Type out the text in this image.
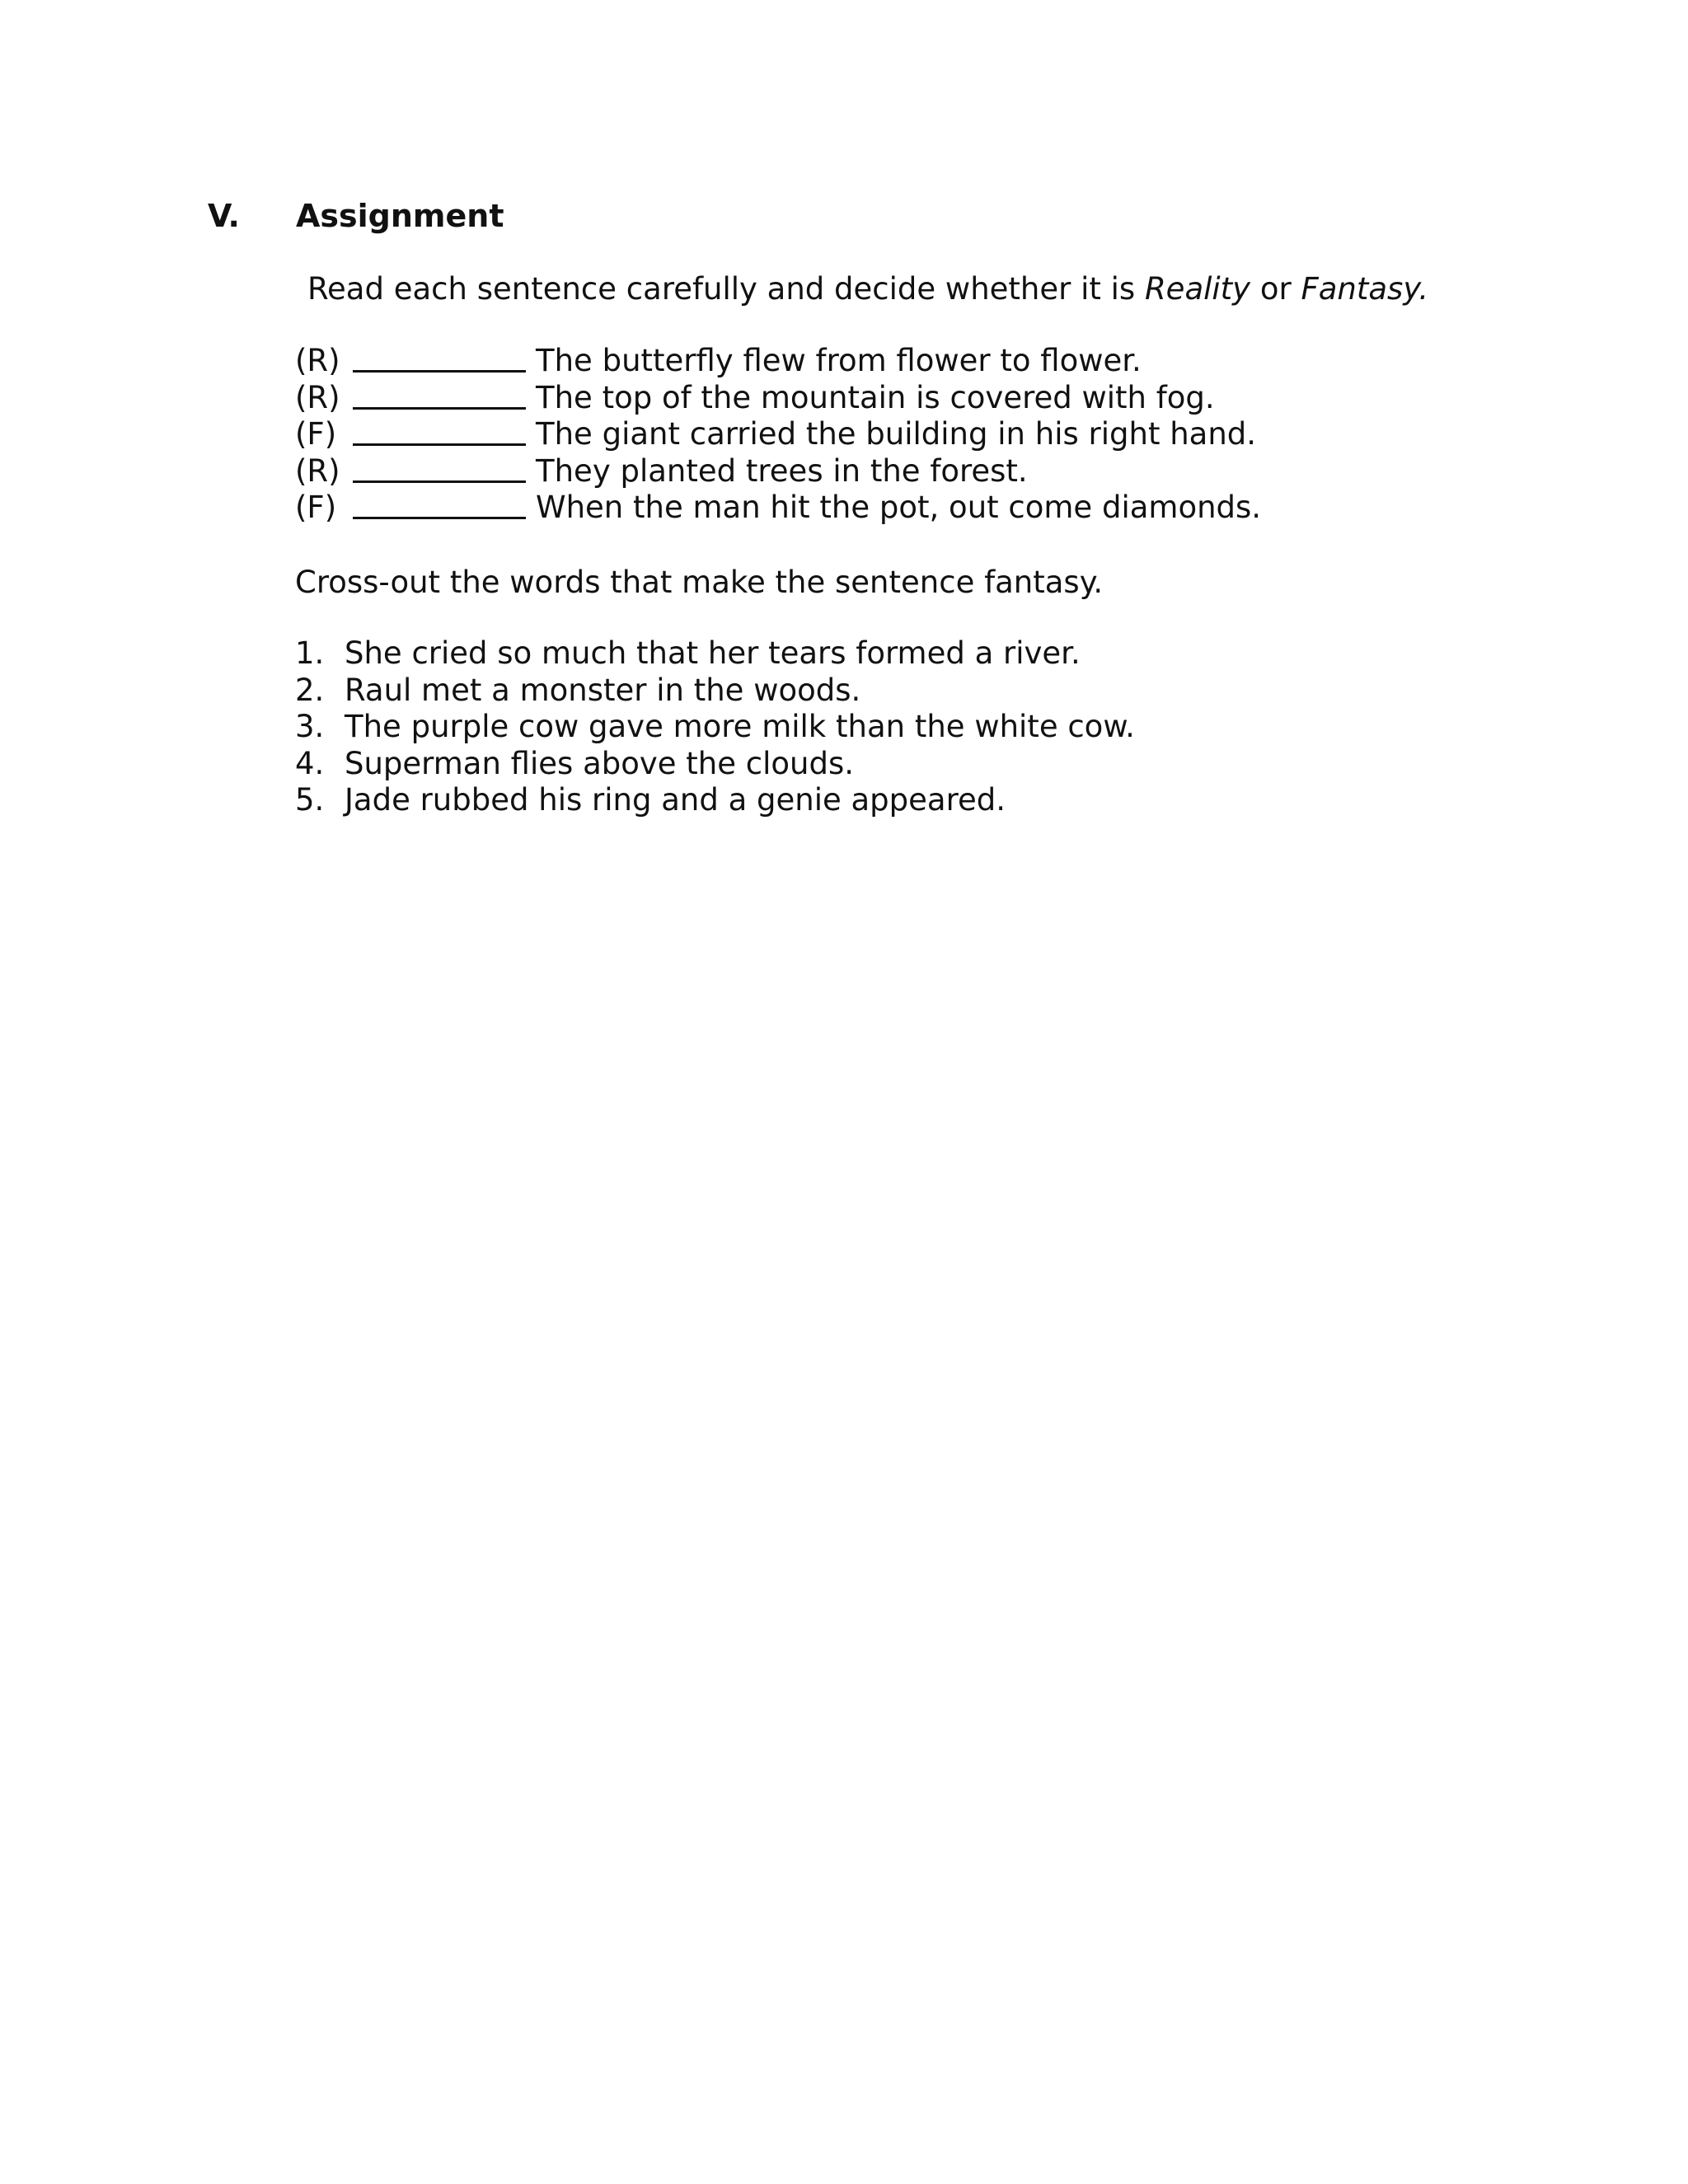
V. Assignment
Read each sentence carefully and decide whether it is Reality or Fantasy.
(R)	The butterfly flew from flower to flower.
(R)	The top of the mountain is covered with fog.
(F)	The giant carried the building in his right hand.
(R)	They planted trees in the forest.
(F)	When the man hit the pot, out come diamonds.
Cross-out the words that make the sentence fantasy.
1. She cried so much that her tears formed a river.
2. Raul met a monster in the woods.
3. The purple cow gave more milk than the white cow.
4. Superman flies above the clouds.
5. Jade rubbed his ring and a genie appeared.
